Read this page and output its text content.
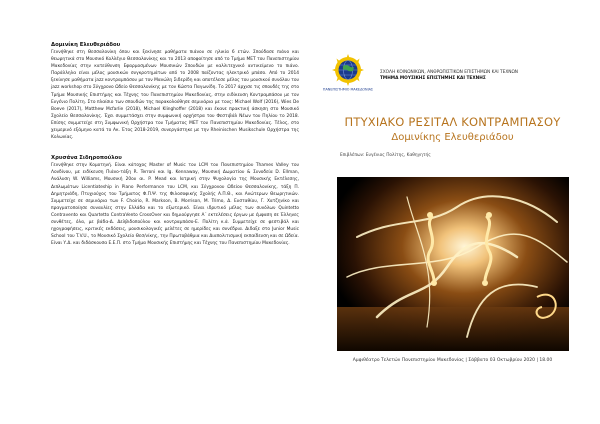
Δομινίκη Ελευθεριάδου

Γεννήθηκε στη Θεσσαλονίκη όπου και ξεκίνησε μαθήματα πιάνου σε ηλικία 6 ετών. Σπούδασε πιάνο και θεωρητικά στο Μουσικό Κολλέγιο Θεσσαλονίκης και το 2013 αποφοίτησε από το Τμήμα ΜΕΤ του Πανεπιστημίου Μακεδονίας στην κατεύθυνση Εφαρμοσμένων Μουσικών Σπουδών με καλλιτεχνικό αντικείμενο το πιάνο. Παράλληλα είναι μέλος μουσικών συγκροτημάτων από το 2008 παίζοντας ηλεκτρικό μπάσο. Από το 2014 ξεκίνησε μαθήματα jazz κοντραμπάσου με τον Μανώλη Σιδερίδη και αποτέλεσε μέλος του μουσικού συνόλου του jazz workshop στο Σύγχρονο Ωδείο Θεσσαλονίκης με τον Κώστα Παγωνίδη. Το 2017 άρχισε τις σπουδές της στο Τμήμα Μουσικής Επιστήμης και Τέχνης του Πανεπιστημίου Μακεδονίας, στην ειδίκευση Κοντραμπάσου με τον Ευγένιο Πολίτη. Στο πλαίσιο των σπουδών της παρακολούθησε σεμινάρια με τους: Michael Wolf (2016), Wies De Boeve (2017), Matthew Mcfarlie (2018), Michael Klinghoffer (2018) και έκανε πρακτική άσκηση στο Μουσικό Σχολείο Θεσσαλονίκης. Έχει συμμετάσχει στην συμφωνική ορχήστρα του Φεστιβάλ Νέων του Πηλίου το 2018. Επίσης συμμετείχε στη Συμφωνική Ορχήστρα του Τμήματος ΜΕΤ του Πανεπιστημίου Μακεδονίας. Τέλος, στο χειμερινό εξάμηνο κατά το Ακ. Έτος 2018-2019, συνεργάστηκε με την Rheinischen Musikschule Ορχήστρα της Κολωνίας.

Χρυσάνα Σιδηροπούλου

Γεννήθηκε στην Κομοτηνή. Είναι κάτοχος Master of Music του LCM του Πανεπιστημίου Thames Valley του Λονδίνου, με ειδίκευση Πιάνο-τάξη R. Terroni και Ig. Kennaway, Μουσική Δωματίου & Συνοδεία D. Ellman, Ανάλυση W. Williams, Μουσική 20ου αι. P. Mead και Ιατρική στην Ψυχολογία της Μουσικής Εκτέλεσης, Διπλωμάτων Licentiateship in Piano Performance του LCM, και Σύγχρονου Ωδείου Θεσσαλονίκης, τάξη Π. Δημητριάδη, Πτυχιούχος του Τμήματος Φ.Π.Ψ. της Φιλοσοφικής Σχολής Α.Π.Θ., και Ανώτερων Θεωρητικών. Συμμετείχε σε σεμινάρια των F. Choirio, R. Markson, B. Morrison, M. Trimo, Δ. Ευσταθίου, Γ. Χατζηνίκο και πραγματοποίησε συναυλίες στην Ελλάδα και το εξωτερικό. Είναι ιδρυτικό μέλος των συνόλων Quintetto Contravento και Quartetto ContraVento CrossOver και δημιούργησε Α΄ εκτελέσεις έργων με έμφαση σε Έλληνες συνθέτες, όλα, με βάδα-Δ. Δελβιδοπούλου και κοντραμπάσο-Ε. Πολίτη κ.ά. Συμμετείχε σε φεστιβάλ και ηχογραφήσεις, κριτικές εκδόσεις, μουσικολογικές μελέτες σε ημερίδες και συνέδρια. Διδαξε στο Junior Music School του T.V.U., το Μουσικό Σχολείο Θεσ/νίκης, την Πρωτοβάθμια και Διαπολιτισμική εκπαίδευση και σε Ωδεία. Είναι Υ.Δ. και διδάσκουσα Ε.Ε.Π. στο Τμήμα Μουσικής Επιστήμης και Τέχνης του Πανεπιστημίου Μακεδονίας.

ΠΑΝΕΠΙΣΤΗΜΙΟ ΜΑΚΕΔΟΝΙΑΣ
ΣΧΟΛΗ ΚΟΙΝΩΝΙΚΩΝ, ΑΝΘΡΩΠΙΣΤΙΚΩΝ ΕΠΙΣΤΗΜΩΝ ΚΑΙ ΤΕΧΝΩΝ
ΤΜΗΜΑ ΜΟΥΣΙΚΗΣ ΕΠΙΣΤΗΜΗΣ ΚΑΙ ΤΕΧΝΗΣ
ΠΤΥΧΙΑΚΟ ΡΕΣΙΤΑΛ ΚΟΝΤΡΑΜΠΑΣΟΥ
Δομινίκης Ελευθεριάδου
Επιβλέπων: Ευγένιος Πολίτης, Καθηγητής
Αμφιθέατρο Τελετών Πανεπιστημίου Μακεδονίας | Σάββατο 03 Οκτωβρίου 2020 | 18.00
